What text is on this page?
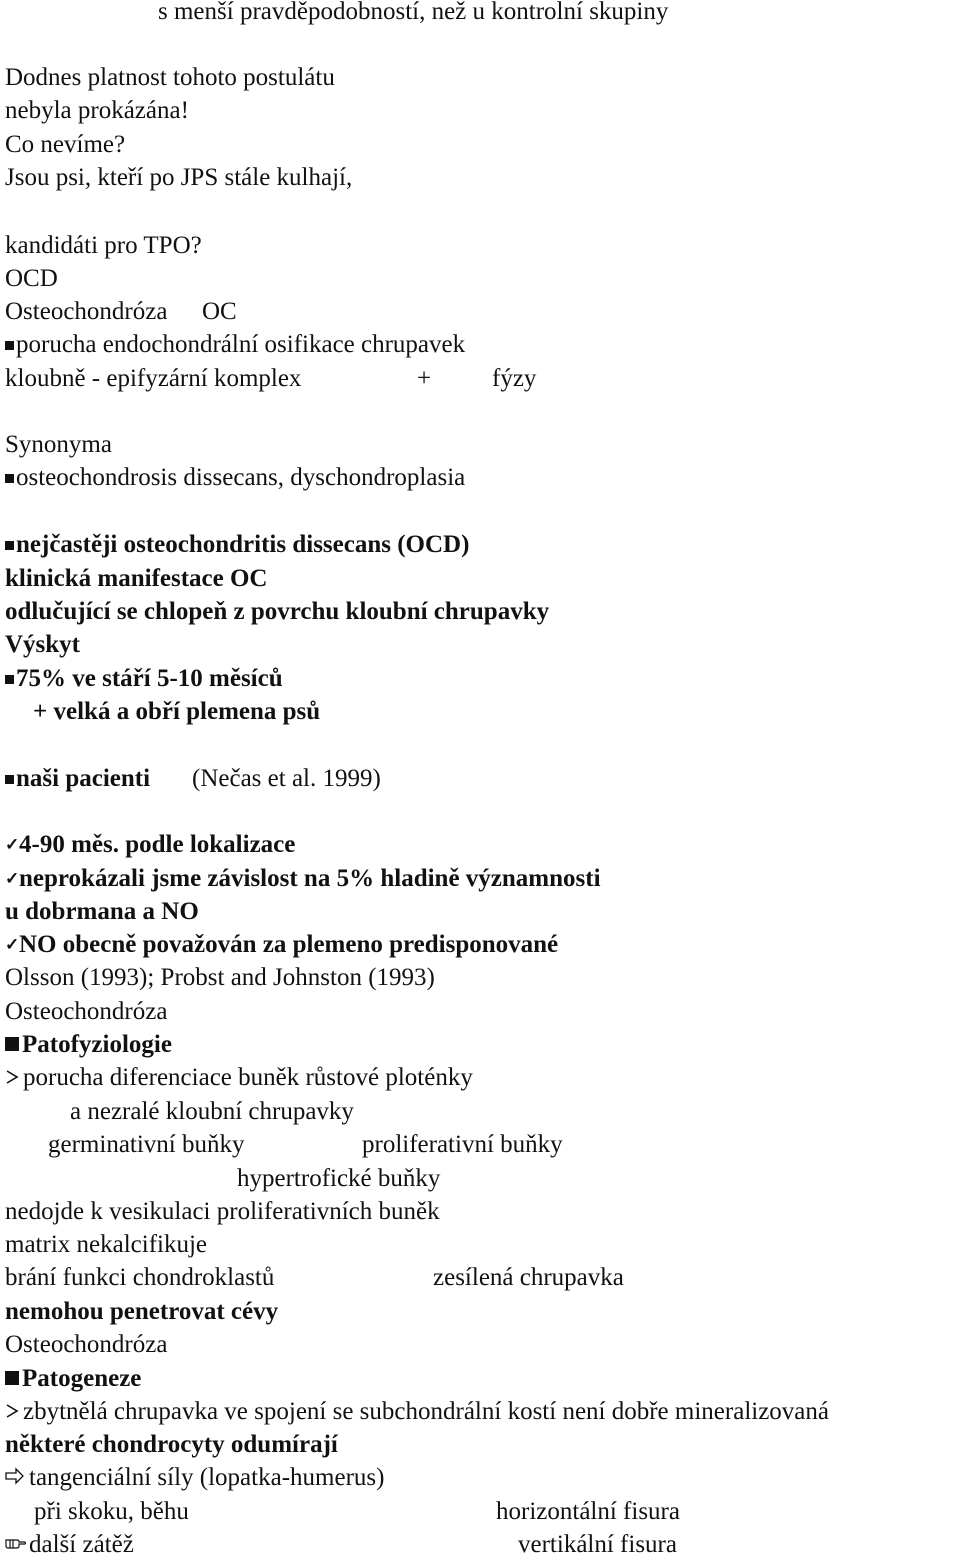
s menší pravděpodobností, než u kontrolní skupiny
Dodnes platnost tohoto postulátu
nebyla prokázána!
Co nevíme?
Jsou psi, kteří po JPS stále kulhají,
kandidáti pro TPO?
OCD
Osteochondróza OC
porucha endochondrální osifikace chrupavek
kloubně - epifyzární komplex	+ fýzy
Synonyma
osteochondrosis dissecans, dyschondroplasia
nejčastěji osteochondritis dissecans (OCD)
klinická manifestace OC
odlučující se chlopeň z povrchu kloubní chrupavky
Výskyt
75% ve stáří 5-10 měsíců
+ velká a obří plemena psů
naši pacienti (Nečas et al. 1999)
✓4-90 měs. podle lokalizace
✓neprokázali jsme závislost na 5% hladině významnosti
u dobrmana a NO
✓NO obecně považován za plemeno predisponované
Olsson (1993); Probst and Johnston (1993)
Osteochondróza
Patofyziologie
porucha diferenciace buněk růstové ploténky
a nezralé kloubní chrupavky
germinativní buňky	proliferativní buňky
hypertrofické buňky
nedojde k vesikulaci proliferativních buněk
matrix nekalcifikuje
brání funkci chondroklastů	zesílená chrupavka
nemohou penetrovat cévy
Osteochondróza
Patogeneze
zbytnělá chrupavka ve spojení se subchondrální kostí není dobře mineralizovaná
některé chondrocyty odumírají
tangenciální síly (lopatka-humerus)
při skoku, běhu	horizontální fisura
další zátěž	vertikální fisura
